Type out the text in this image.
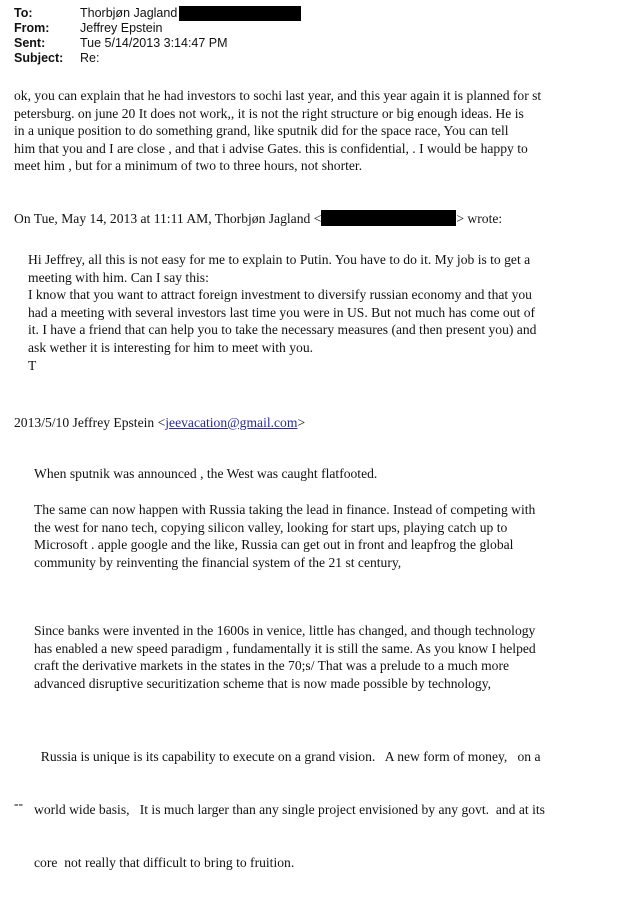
To:	Thorbjøn Jagland
From:	Jeffrey Epstein
Sent:	Tue 5/14/2013 3:14:47 PM
Subject:	Re:

ok, you can explain that he had investors to sochi last year, and this year again it is planned for st

petersburg. on june 20 It does not work,, it is not the right structure or big enough ideas. He is

in a unique position to do something grand, like sputnik did for the space race, You can tell

him that you and I are close , and that i advise Gates. this is confidential, . I would be happy to

meet him , but for a minimum of two to three hours, not shorter.

On Tue, May 14, 2013 at 11:11 AM, Thorbjøn Jagland <	> wrote:

Hi Jeffrey, all this is not easy for me to explain to Putin. You have to do it. My job is to get a

meeting with him. Can I say this:

I know that you want to attract foreign investment to diversify russian economy and that you

had a meeting with several investors last time you were in US. But not much has come out of

it. I have a friend that can help you to take the necessary measures (and then present you) and

ask wether it is interesting for him to meet with you.

T

2013/5/10 Jeffrey Epstein <jeevacation@gmail.com>

When sputnik was announced , the West was caught flatfooted.

The same can now happen with Russia taking the lead in finance. Instead of competing with

the west for nano tech, copying silicon valley, looking for start ups, playing catch up to

Microsoft . apple google and the like, Russia can get out in front and leapfrog the global

community by reinventing the financial system of the 21 st century,

Since banks were invented in the 1600s in venice, little has changed, and though technology

has enabled a new speed paradigm , fundamentally it is still the same. As you know I helped

craft the derivative markets in the states in the 70;s/ That was a prelude to a much more

advanced disruptive securitization scheme that is now made possible by technology,

Russia is unique is its capability to execute on a grand vision.   A new form of money,   on a

world wide basis,   It is much larger than any single project envisioned by any govt.  and at its

core  not really that difficult to bring to fruition.

--
